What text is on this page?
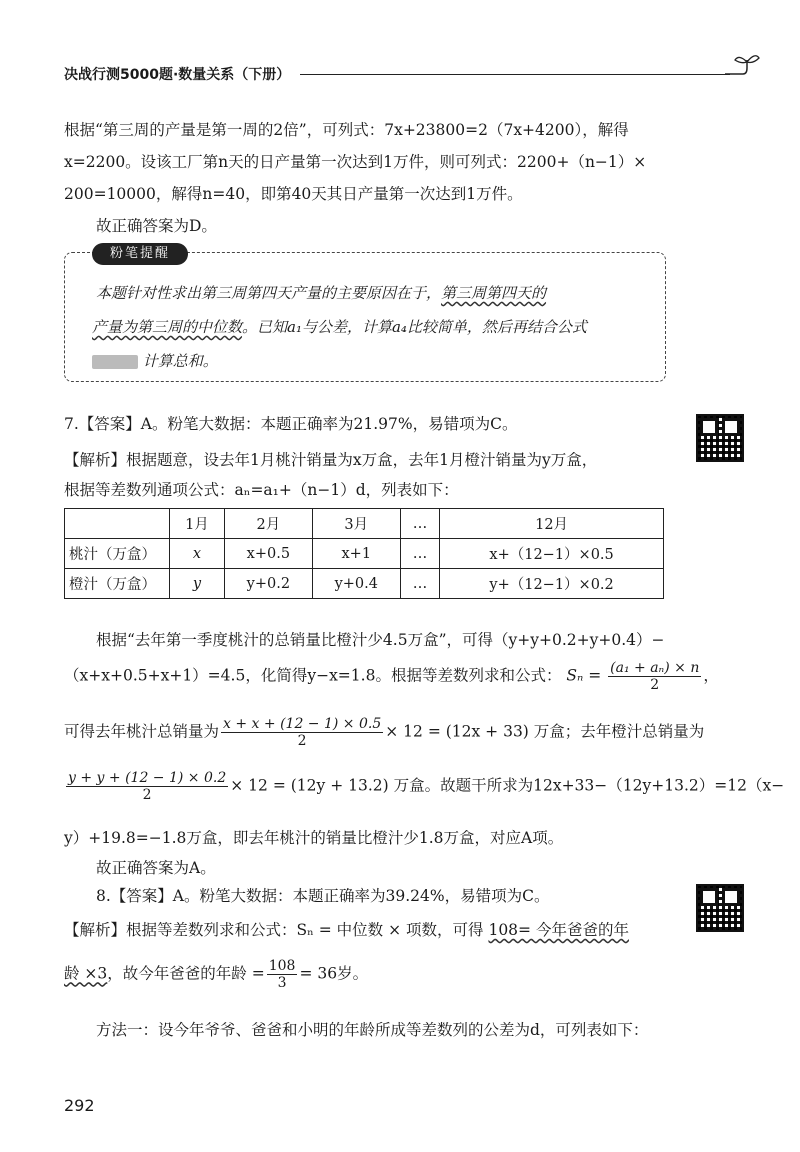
决战行测5000题·数量关系（下册）
根据“第三周的产量是第一周的2倍”，可列式：7x+23800=2（7x+4200），解得
x=2200。设该工厂第n天的日产量第一次达到1万件，则可列式：2200+（n−1）×
200=10000，解得n=40，即第40天其日产量第一次达到1万件。
故正确答案为D。
粉笔提醒
本题针对性求出第三周第四天产量的主要原因在于，第三周第四天的
产量为第三周的中位数。已知a₁与公差，计算a₄比较简单，然后再结合公式
计算总和。
7.【答案】A。粉笔大数据：本题正确率为21.97%，易错项为C。
【解析】根据题意，设去年1月桃汁销量为x万盒，去年1月橙汁销量为y万盒，
根据等差数列通项公式：aₙ=a₁+（n−1）d，列表如下：
	1月	2月	3月	…	12月
桃汁（万盒）	x	x+0.5	x+1	…	x+（12−1）×0.5
橙汁（万盒）	y	y+0.2	y+0.4	…	y+（12−1）×0.2
根据“去年第一季度桃汁的总销量比橙汁少4.5万盒”，可得（y+y+0.2+y+0.4）−
（x+x+0.5+x+1）=4.5，化简得y−x=1.8。根据等差数列求和公式： $S_n = \frac{\text{(a₁ + aₙ) × n}}{2}$ ，
可得去年桃汁总销量为 $\frac{x + x + (12 - 1) \times 0.5}{2} \times 12 = (12x + 33)$ 万盒；去年橙汁总销量为
$\frac{y + y + (12 - 1) \times 0.2}{2} \times 12 = (12y + 13.2)$ 万盒。故题干所求为12x+33−（12y+13.2）=12（x−
y）+19.8=−1.8万盒，即去年桃汁的销量比橙汁少1.8万盒，对应A项。
故正确答案为A。
8.【答案】A。粉笔大数据：本题正确率为39.24%，易错项为C。
【解析】根据等差数列求和公式：Sₙ = 中位数 × 项数，可得 108= 今年爸爸的年
龄 ×3，故今年爸爸的年龄 = $\frac{108}{3} = 36$岁。
方法一：设今年爷爷、爸爸和小明的年龄所成等差数列的公差为d，可列表如下：
292
